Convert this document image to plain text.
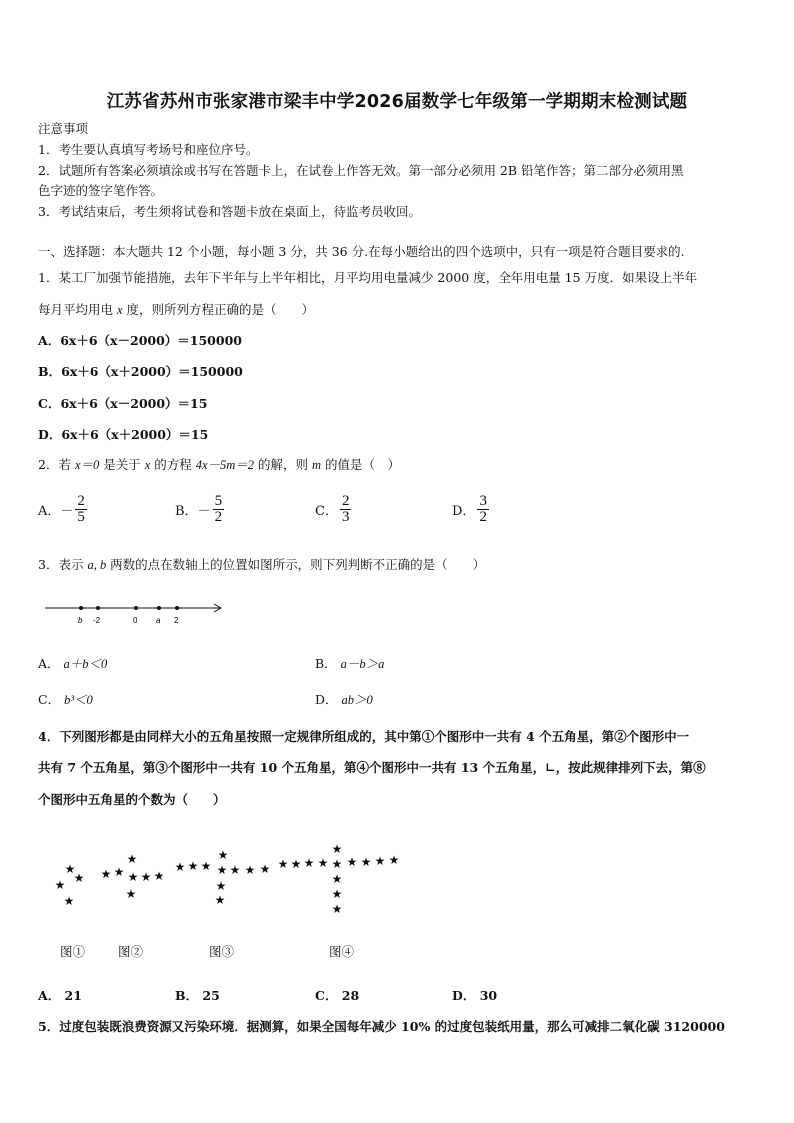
江苏省苏州市张家港市梁丰中学2026届数学七年级第一学期期末检测试题
注意事项
1．考生要认真填写考场号和座位序号。
2．试题所有答案必须填涂或书写在答题卡上，在试卷上作答无效。第一部分必须用 2B 铅笔作答；第二部分必须用黑
色字迹的签字笔作答。
3．考试结束后，考生须将试卷和答题卡放在桌面上，待监考员收回。
一、选择题：本大题共 12 个小题，每小题 3 分，共 36 分.在每小题给出的四个选项中，只有一项是符合题目要求的.
1．某工厂加强节能措施，去年下半年与上半年相比，月平均用电量减少 2000 度，全年用电量 15 万度．如果设上半年
每月平均用电 x 度，则所列方程正确的是（　　）
A．6x＋6（x－2000）＝150000
B．6x＋6（x＋2000）＝150000
C．6x＋6（x－2000）＝15
D．6x＋6（x＋2000）＝15
2．若 x＝0 是关于 x 的方程 4x－5m＝2 的解，则 m 的值是（　）
A． － $\frac{2}{5}$	B． － $\frac{5}{2}$	C． $\frac{2}{3}$	D． $\frac{3}{2}$
3．表示 a, b 两数的点在数轴上的位置如图所示，则下列判断不正确的是（　　）
b -2	0 a 2
A． a＋b＜0	B． a－b＞a
C． b³＜0	D． ab＞0
4．下列图形都是由同样大小的五角星按照一定规律所组成的，其中第①个图形中一共有 4 个五角星，第②个图形中一
共有 7 个五角星，第③个图形中一共有 10 个五角星，第④个图形中一共有 13 个五角星，∟，按此规律排列下去，第⑧
个图形中五角星的个数为（　　）
★
★
★
★
★ ★
★
★
★
★ ★
★ ★ ★
★
★
★
★
★ ★ ★ ★ ★ ★ ★
★
★
★
★
★
★ ★ ★ ★
图①	图②	图③	图④
A． 21	B． 25	C． 28	D． 30
5．过度包装既浪费资源又污染环境．据测算，如果全国每年减少 10% 的过度包装纸用量，那么可减排二氧化碳 3120000
